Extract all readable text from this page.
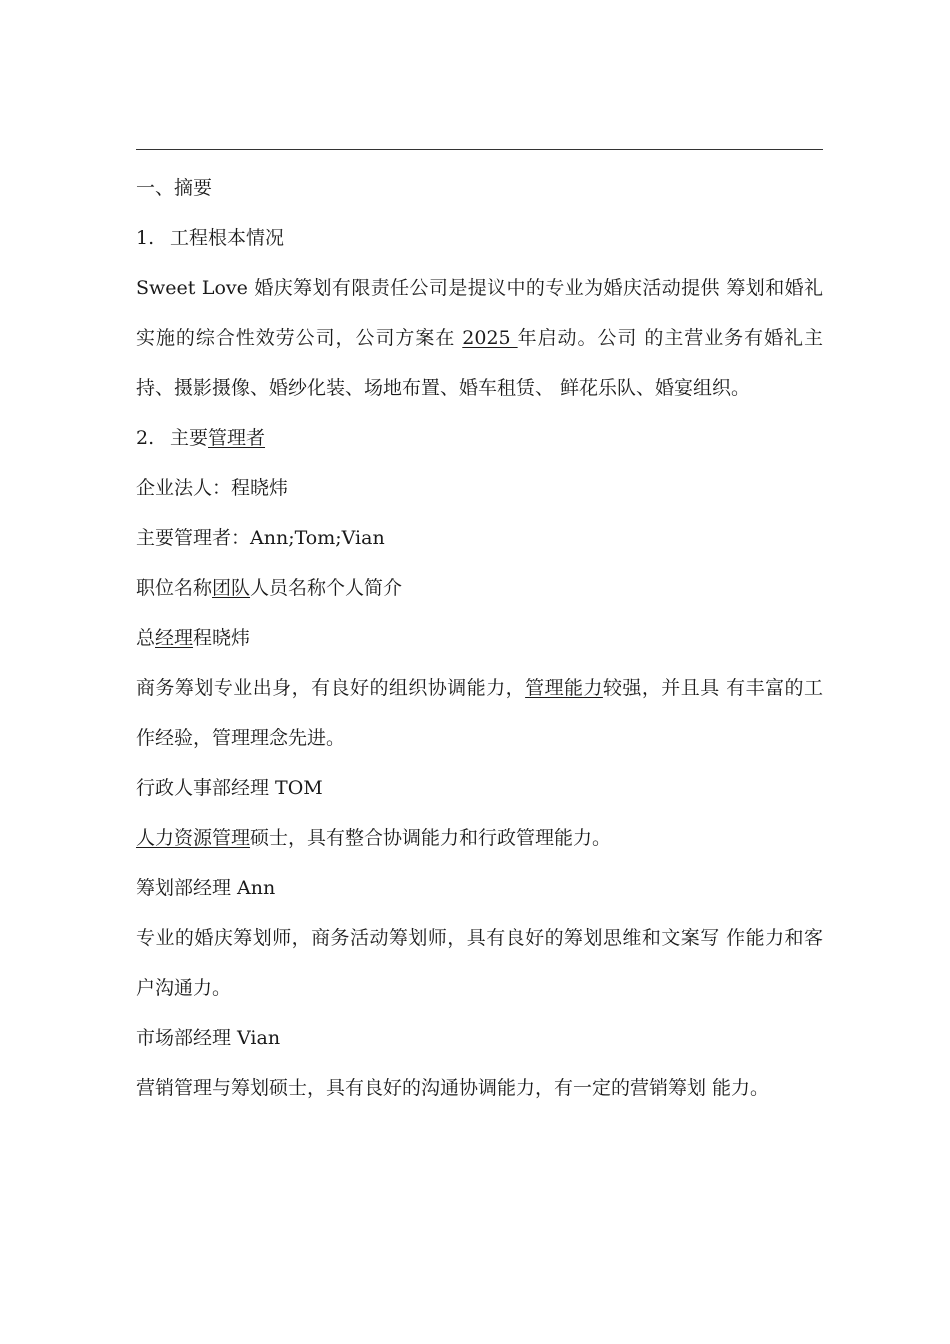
一、摘要

1. 工程根本情况

Sweet Love 婚庆筹划有限责任公司是提议中的专业为婚庆活动提供 筹划和婚礼实施的综合性效劳公司，公司方案在 2025 年启动。公司 的主营业务有婚礼主持、摄影摄像、婚纱化装、场地布置、婚车租赁、 鲜花乐队、婚宴组织。

2. 主要管理者

企业法人：程晓炜

主要管理者：Ann;Tom;Vian

职位名称团队人员名称个人简介

总经理程晓炜

商务筹划专业出身，有良好的组织协调能力，管理能力较强，并且具 有丰富的工作经验，管理理念先进。

行政人事部经理 TOM

人力资源管理硕士，具有整合协调能力和行政管理能力。

筹划部经理 Ann

专业的婚庆筹划师，商务活动筹划师，具有良好的筹划思维和文案写 作能力和客户沟通力。

市场部经理 Vian

营销管理与筹划硕士，具有良好的沟通协调能力，有一定的营销筹划 能力。
